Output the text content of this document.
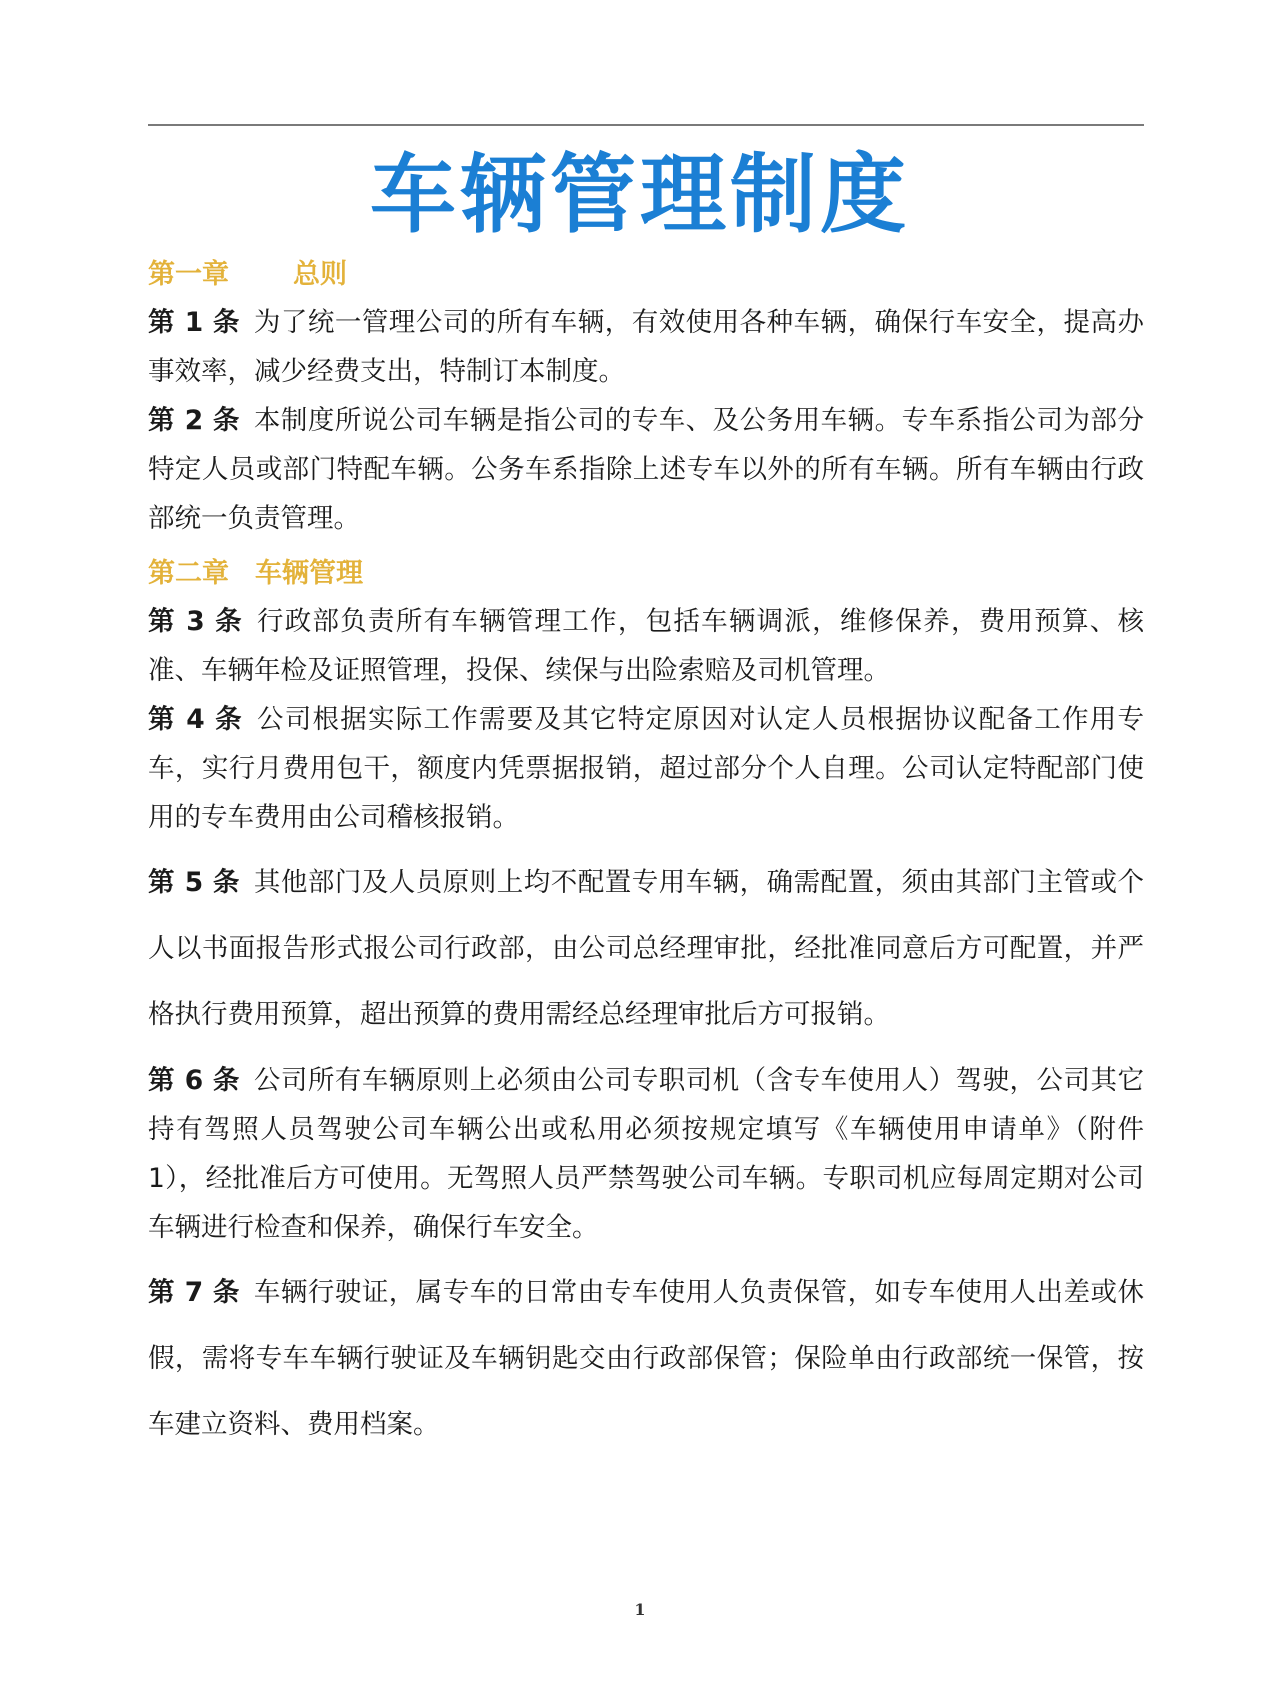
车辆管理制度
第一章 总则

第 1 条 为了统一管理公司的所有车辆，有效使用各种车辆，确保行车安全，提高办事效率，减少经费支出，特制订本制度。

第 2 条 本制度所说公司车辆是指公司的专车、及公务用车辆。专车系指公司为部分特定人员或部门特配车辆。公务车系指除上述专车以外的所有车辆。所有车辆由行政部统一负责管理。

第二章 车辆管理

第 3 条 行政部负责所有车辆管理工作，包括车辆调派，维修保养，费用预算、核准、车辆年检及证照管理，投保、续保与出险索赔及司机管理。

第 4 条 公司根据实际工作需要及其它特定原因对认定人员根据协议配备工作用专车，实行月费用包干，额度内凭票据报销，超过部分个人自理。公司认定特配部门使用的专车费用由公司稽核报销。

第 5 条 其他部门及人员原则上均不配置专用车辆，确需配置，须由其部门主管或个人以书面报告形式报公司行政部，由公司总经理审批，经批准同意后方可配置，并严格执行费用预算，超出预算的费用需经总经理审批后方可报销。

第 6 条 公司所有车辆原则上必须由公司专职司机（含专车使用人）驾驶，公司其它持有驾照人员驾驶公司车辆公出或私用必须按规定填写《车辆使用申请单》（附件 1），经批准后方可使用。无驾照人员严禁驾驶公司车辆。专职司机应每周定期对公司车辆进行检查和保养，确保行车安全。

第 7 条 车辆行驶证，属专车的日常由专车使用人负责保管，如专车使用人出差或休假，需将专车车辆行驶证及车辆钥匙交由行政部保管；保险单由行政部统一保管，按车建立资料、费用档案。

1
